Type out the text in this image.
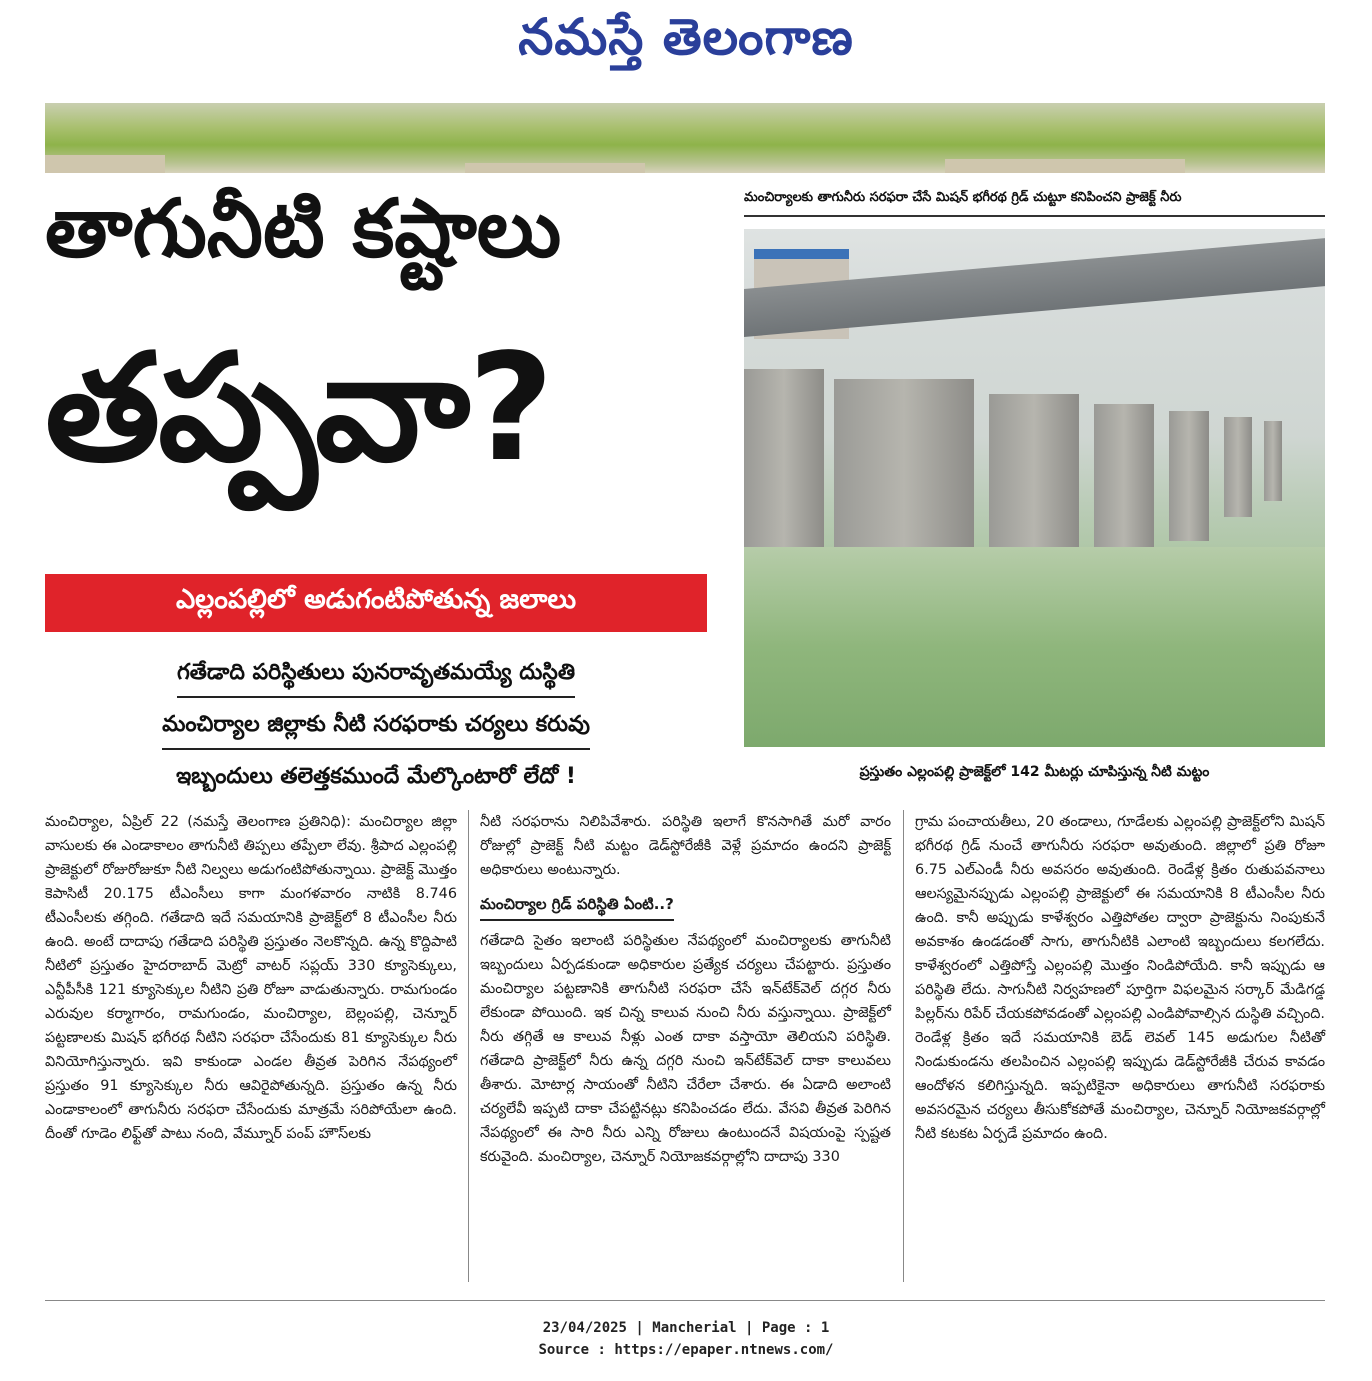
నమస్తే తెలంగాణ
తాగునీటి కష్టాలు
తప్పవా?
ఎల్లంపల్లిలో అడుగంటిపోతున్న జలాలు
గతేడాది పరిస్థితులు పునరావృతమయ్యే దుస్థితి
మంచిర్యాల జిల్లాకు నీటి సరఫరాకు చర్యలు కరువు
ఇబ్బందులు తలెత్తకముందే మేల్కొంటారో లేదో !
మంచిర్యాలకు తాగునీరు సరఫరా చేసే మిషన్ భగీరథ గ్రిడ్ చుట్టూ కనిపించని ప్రాజెక్ట్ నీరు
ప్రస్తుతం ఎల్లంపల్లి ప్రాజెక్ట్‌లో 142 మీటర్లు చూపిస్తున్న నీటి మట్టం

మంచిర్యాల, ఏప్రిల్ 22 (నమస్తే తెలంగాణ ప్రతినిధి): మంచిర్యాల జిల్లా వాసులకు ఈ ఎండాకాలం తాగునీటి తిప్పలు తప్పేలా లేవు. శ్రీపాద ఎల్లంపల్లి ప్రాజెక్టులో రోజురోజుకూ నీటి నిల్వలు అడుగంటిపోతున్నాయి. ప్రాజెక్ట్ మొత్తం కెపాసిటీ 20.175 టీఎంసీలు కాగా మంగళవారం నాటికి 8.746 టీఎంసీలకు తగ్గింది. గతేడాది ఇదే సమయానికి ప్రాజెక్ట్‌లో 8 టీఎంసీల నీరు ఉంది. అంటే దాదాపు గతేడాది పరిస్థితి ప్రస్తుతం నెలకొన్నది. ఉన్న కొద్దిపాటి నీటిలో ప్రస్తుతం హైదరాబాద్ మెట్రో వాటర్ సప్లయ్ 330 క్యూసెక్కులు, ఎన్టీపీసీకి 121 క్యూసెక్కుల నీటిని ప్రతి రోజూ వాడుతున్నారు. రామగుండం ఎరువుల కర్మాగారం, రామగుండం, మంచిర్యాల, బెల్లంపల్లి, చెన్నూర్ పట్టణాలకు మిషన్ భగీరథ నీటిని సరఫరా చేసేందుకు 81 క్యూసెక్కుల నీరు వినియోగిస్తున్నారు. ఇవి కాకుండా ఎండల తీవ్రత పెరిగిన నేపథ్యంలో ప్రస్తుతం 91 క్యూసెక్కుల నీరు ఆవిరైపోతున్నది. ప్రస్తుతం ఉన్న నీరు ఎండాకాలంలో తాగునీరు సరఫరా చేసేందుకు మాత్రమే సరిపోయేలా ఉంది. దీంతో గూడెం లిఫ్ట్‌తో పాటు నంది, వేమ్నూర్ పంప్ హౌస్‌లకు

నీటి సరఫరాను నిలిపివేశారు. పరిస్థితి ఇలాగే కొనసాగితే మరో వారం రోజుల్లో ప్రాజెక్ట్ నీటి మట్టం డెడ్‌స్టోరేజీకి వెళ్లే ప్రమాదం ఉందని ప్రాజెక్ట్ అధికారులు అంటున్నారు.

మంచిర్యాల గ్రిడ్ పరిస్థితి ఏంటి..?

గతేడాది సైతం ఇలాంటి పరిస్థితుల నేపథ్యంలో మంచిర్యాలకు తాగునీటి ఇబ్బందులు ఏర్పడకుండా అధికారుల ప్రత్యేక చర్యలు చేపట్టారు. ప్రస్తుతం మంచిర్యాల పట్టణానికి తాగునీటి సరఫరా చేసే ఇన్‌టేక్‌వెల్ దగ్గర నీరు లేకుండా పోయింది. ఇక చిన్న కాలువ నుంచి నీరు వస్తున్నాయి. ప్రాజెక్ట్‌లో నీరు తగ్గితే ఆ కాలువ నీళ్లు ఎంత దాకా వస్తాయో తెలియని పరిస్థితి. గతేడాది ప్రాజెక్ట్‌లో నీరు ఉన్న దగ్గరి నుంచి ఇన్‌టేక్‌వెల్ దాకా కాలువలు తీశారు. మోటార్ల సాయంతో నీటిని చేరేలా చేశారు. ఈ ఏడాది అలాంటి చర్యలేవీ ఇప్పటి దాకా చేపట్టినట్లు కనిపించడం లేదు. వేసవి తీవ్రత పెరిగిన నేపథ్యంలో ఈ సారి నీరు ఎన్ని రోజులు ఉంటుందనే విషయంపై స్పష్టత కరువైంది. మంచిర్యాల, చెన్నూర్ నియోజకవర్గాల్లోని దాదాపు 330

గ్రామ పంచాయతీలు, 20 తండాలు, గూడేలకు ఎల్లంపల్లి ప్రాజెక్ట్‌లోని మిషన్ భగీరథ గ్రిడ్ నుంచే తాగునీరు సరఫరా అవుతుంది. జిల్లాలో ప్రతి రోజూ 6.75 ఎల్ఎండీ నీరు అవసరం అవుతుంది. రెండేళ్ల క్రితం రుతుపవనాలు ఆలస్యమైనప్పుడు ఎల్లంపల్లి ప్రాజెక్టులో ఈ సమయానికి 8 టీఎంసీల నీరు ఉంది. కానీ అప్పుడు కాళేశ్వరం ఎత్తిపోతల ద్వారా ప్రాజెక్టును నింపుకునే అవకాశం ఉండడంతో సాగు, తాగునీటికి ఎలాంటి ఇబ్బందులు కలగలేదు. కాళేశ్వరంలో ఎత్తిపోస్తే ఎల్లంపల్లి మొత్తం నిండిపోయేది. కానీ ఇప్పుడు ఆ పరిస్థితి లేదు. సాగునీటి నిర్వహణలో పూర్తిగా విఫలమైన సర్కార్ మేడిగడ్డ పిల్లర్‌ను రిపేర్ చేయకపోవడంతో ఎల్లంపల్లి ఎండిపోవాల్సిన దుస్థితి వచ్చింది. రెండేళ్ల క్రితం ఇదే సమయానికి బెడ్ లెవల్ 145 అడుగుల నీటితో నిండుకుండను తలపించిన ఎల్లంపల్లి ఇప్పుడు డెడ్‌స్టోరేజీకి చేరువ కావడం ఆందోళన కలిగిస్తున్నది. ఇప్పటికైనా అధికారులు తాగునీటి సరఫరాకు అవసరమైన చర్యలు తీసుకోకపోతే మంచిర్యాల, చెన్నూర్ నియోజకవర్గాల్లో నీటి కటకట ఏర్పడే ప్రమాదం ఉంది.

23/04/2025 | Mancherial | Page : 1
Source : https://epaper.ntnews.com/
